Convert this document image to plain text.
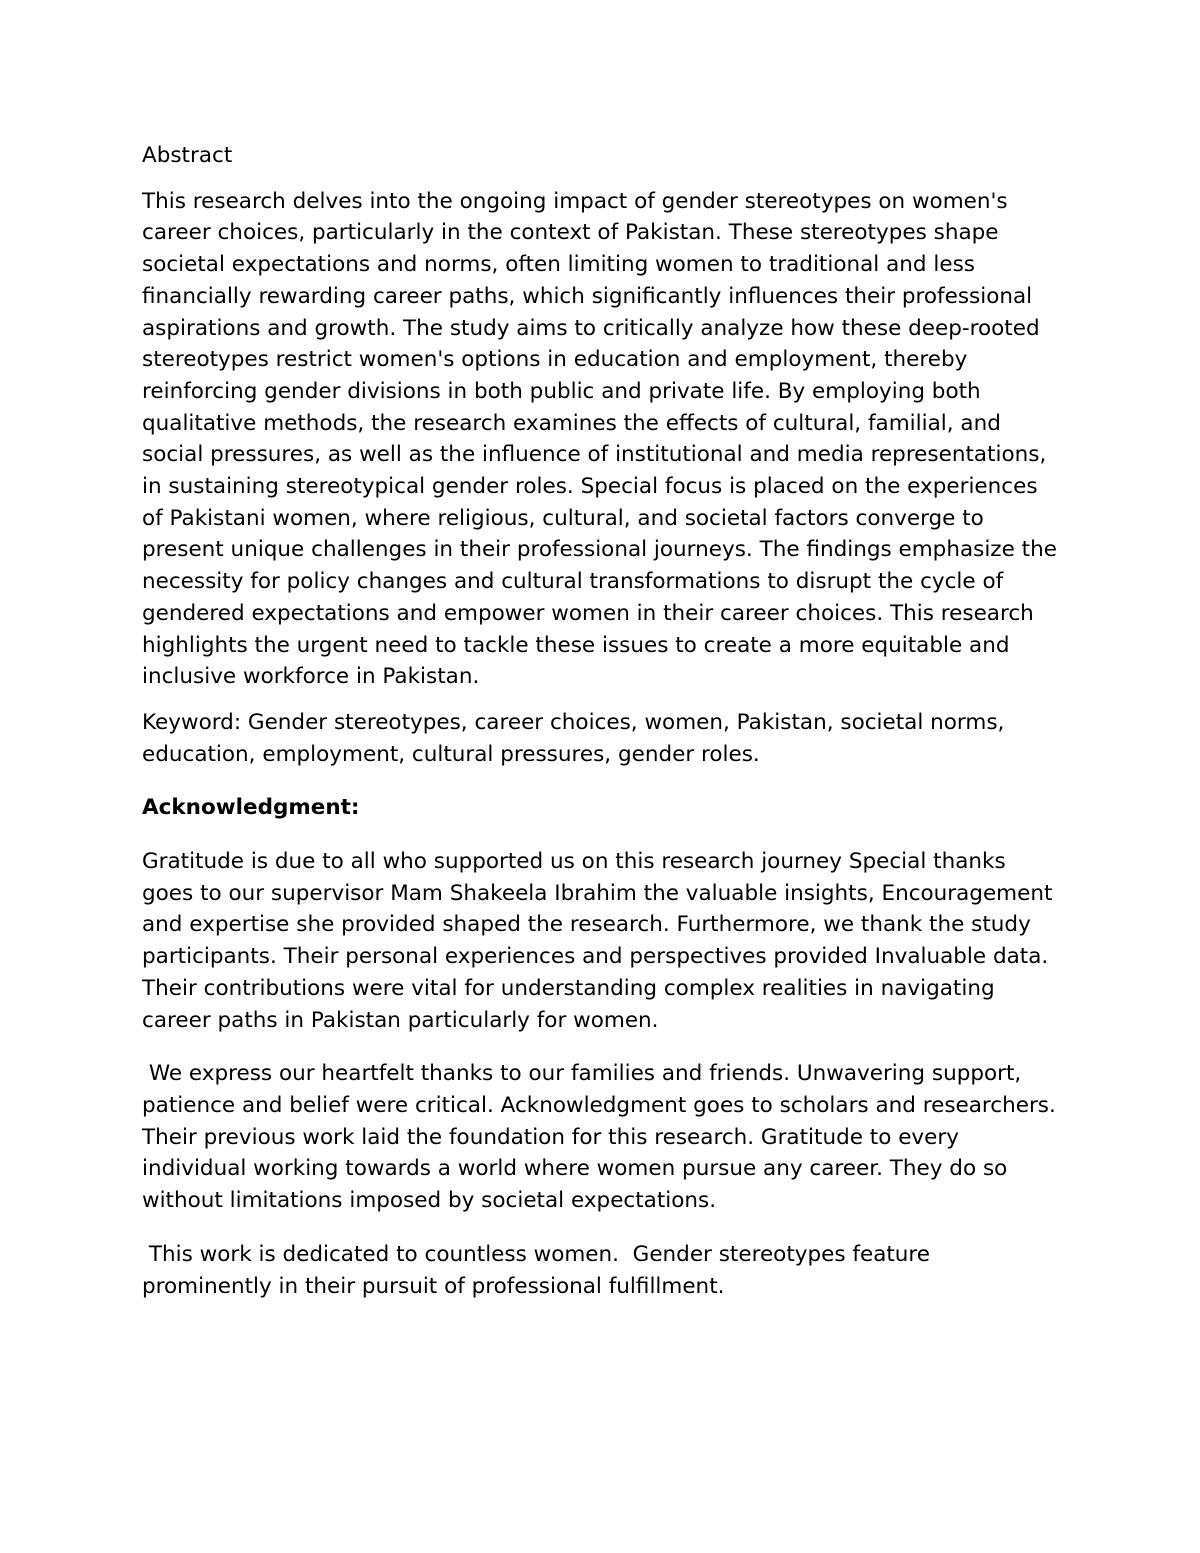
Abstract

This research delves into the ongoing impact of gender stereotypes on women's career choices, particularly in the context of Pakistan. These stereotypes shape societal expectations and norms, often limiting women to traditional and less financially rewarding career paths, which significantly influences their professional aspirations and growth. The study aims to critically analyze how these deep-rooted stereotypes restrict women's options in education and employment, thereby reinforcing gender divisions in both public and private life. By employing both qualitative methods, the research examines the effects of cultural, familial, and social pressures, as well as the influence of institutional and media representations, in sustaining stereotypical gender roles. Special focus is placed on the experiences of Pakistani women, where religious, cultural, and societal factors converge to present unique challenges in their professional journeys. The findings emphasize the necessity for policy changes and cultural transformations to disrupt the cycle of gendered expectations and empower women in their career choices. This research highlights the urgent need to tackle these issues to create a more equitable and inclusive workforce in Pakistan.

Keyword: Gender stereotypes, career choices, women, Pakistan, societal norms, education, employment, cultural pressures, gender roles.

Acknowledgment:

Gratitude is due to all who supported us on this research journey Special thanks goes to our supervisor Mam Shakeela Ibrahim the valuable insights, Encouragement and expertise she provided shaped the research. Furthermore, we thank the study participants. Their personal experiences and perspectives provided Invaluable data. Their contributions were vital for understanding complex realities in navigating career paths in Pakistan particularly for women.

We express our heartfelt thanks to our families and friends. Unwavering support, patience and belief were critical. Acknowledgment goes to scholars and researchers. Their previous work laid the foundation for this research. Gratitude to every individual working towards a world where women pursue any career. They do so without limitations imposed by societal expectations.

This work is dedicated to countless women.  Gender stereotypes feature prominently in their pursuit of professional fulfillment.
